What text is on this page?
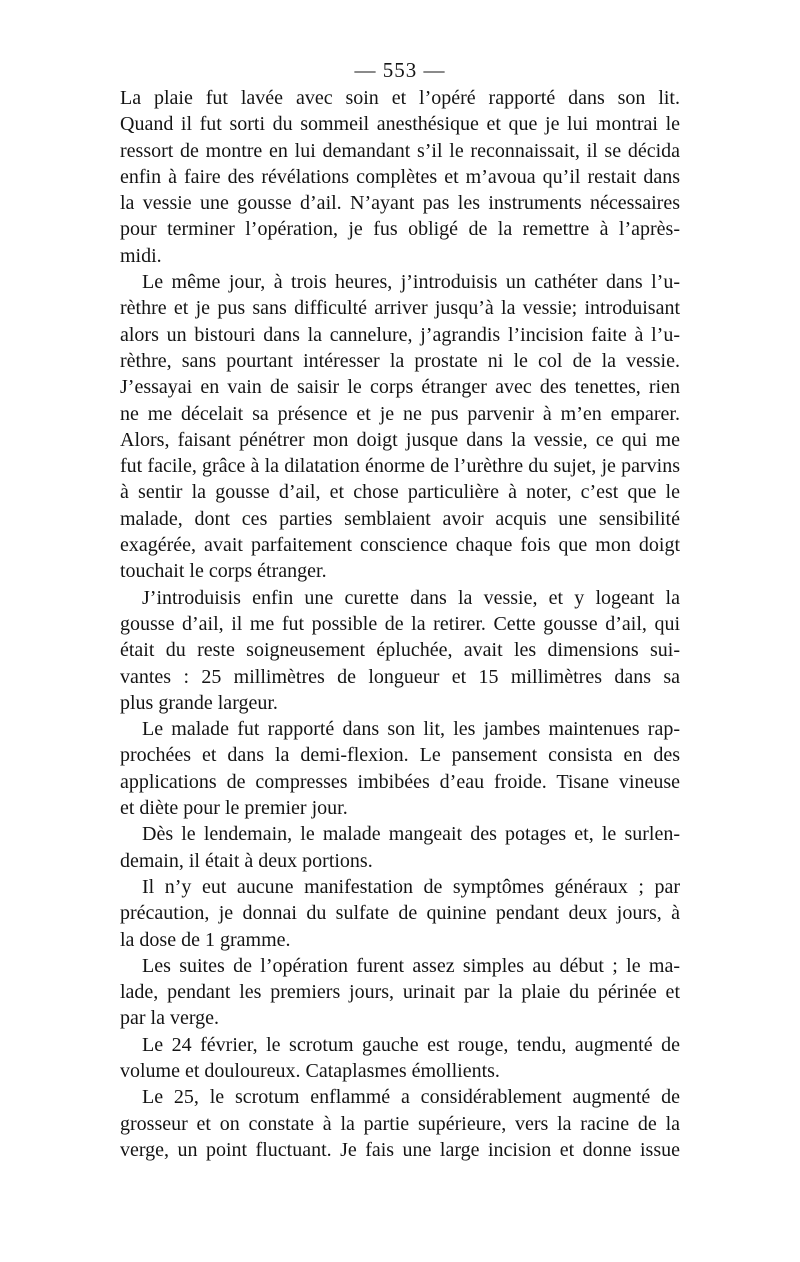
— 553 —
La plaie fut lavée avec soin et l’opéré rapporté dans son lit.
Quand il fut sorti du sommeil anesthésique et que je lui montrai le
ressort de montre en lui demandant s’il le reconnaissait, il se décida
enfin à faire des révélations complètes et m’avoua qu’il restait dans
la vessie une gousse d’ail. N’ayant pas les instruments nécessaires
pour terminer l’opération, je fus obligé de la remettre à l’après-
midi.
Le même jour, à trois heures, j’introduisis un cathéter dans l’u-
rèthre et je pus sans difficulté arriver jusqu’à la vessie; introduisant
alors un bistouri dans la cannelure, j’agrandis l’incision faite à l’u-
rèthre, sans pourtant intéresser la prostate ni le col de la vessie.
J’essayai en vain de saisir le corps étranger avec des tenettes, rien
ne me décelait sa présence et je ne pus parvenir à m’en emparer.
Alors, faisant pénétrer mon doigt jusque dans la vessie, ce qui me
fut facile, grâce à la dilatation énorme de l’urèthre du sujet, je parvins
à sentir la gousse d’ail, et chose particulière à noter, c’est que le
malade, dont ces parties semblaient avoir acquis une sensibilité
exagérée, avait parfaitement conscience chaque fois que mon doigt
touchait le corps étranger.
J’introduisis enfin une curette dans la vessie, et y logeant la
gousse d’ail, il me fut possible de la retirer. Cette gousse d’ail, qui
était du reste soigneusement épluchée, avait les dimensions sui-
vantes : 25 millimètres de longueur et 15 millimètres dans sa
plus grande largeur.
Le malade fut rapporté dans son lit, les jambes maintenues rap-
prochées et dans la demi-flexion. Le pansement consista en des
applications de compresses imbibées d’eau froide. Tisane vineuse
et diète pour le premier jour.
Dès le lendemain, le malade mangeait des potages et, le surlen-
demain, il était à deux portions.
Il n’y eut aucune manifestation de symptômes généraux ; par
précaution, je donnai du sulfate de quinine pendant deux jours, à
la dose de 1 gramme.
Les suites de l’opération furent assez simples au début ; le ma-
lade, pendant les premiers jours, urinait par la plaie du périnée et
par la verge.
Le 24 février, le scrotum gauche est rouge, tendu, augmenté de
volume et douloureux. Cataplasmes émollients.
Le 25, le scrotum enflammé a considérablement augmenté de
grosseur et on constate à la partie supérieure, vers la racine de la
verge, un point fluctuant. Je fais une large incision et donne issue
